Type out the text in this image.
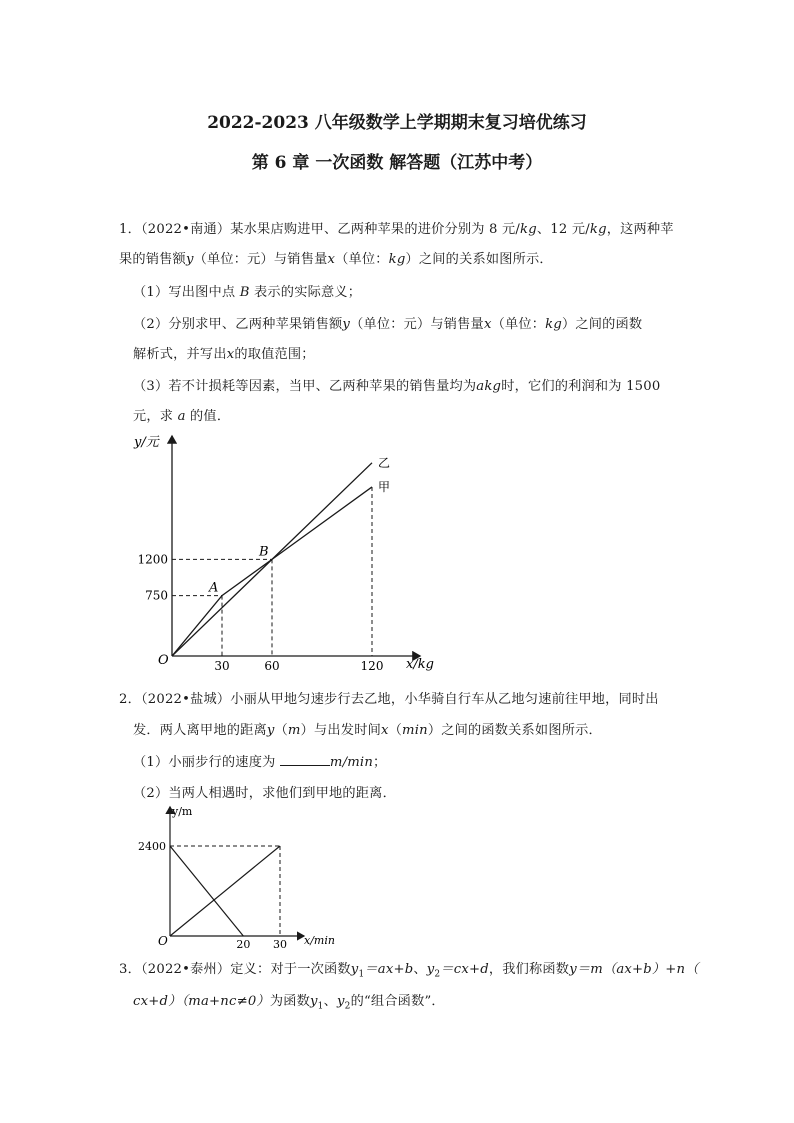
2022-2023 八年级数学上学期期末复习培优练习
第 6 章 一次函数 解答题（江苏中考）
1．（2022•南通）某水果店购进甲、乙两种苹果的进价分别为 8 元/kg、12 元/kg，这两种苹
果的销售额y（单位：元）与销售量x（单位：kg）之间的关系如图所示．
（1）写出图中点 B 表示的实际意义；
（2）分别求甲、乙两种苹果销售额y（单位：元）与销售量x（单位：kg）之间的函数
解析式，并写出x的取值范围；
（3）若不计损耗等因素，当甲、乙两种苹果的销售量均为akg时，它们的利润和为 1500
元，求 a 的值．
y/元
x/kg
O
甲
乙
A
B
750
1200
30	60	120
2．（2022•盐城）小丽从甲地匀速步行去乙地，小华骑自行车从乙地匀速前往甲地，同时出
发．两人离甲地的距离y（m）与出发时间x（min）之间的函数关系如图所示．
（1）小丽步行的速度为	m/min；
（2）当两人相遇时，求他们到甲地的距离．
y/m
x/min
O
2400
20 30
3．（2022•泰州）定义：对于一次函数$y_1=ax+b$、$y_2=cx+d$，我们称函数y＝m（ax+b）+n（
cx+d）（ma+nc≠0）为函数$y_1$、$y_2$的“组合函数”．
